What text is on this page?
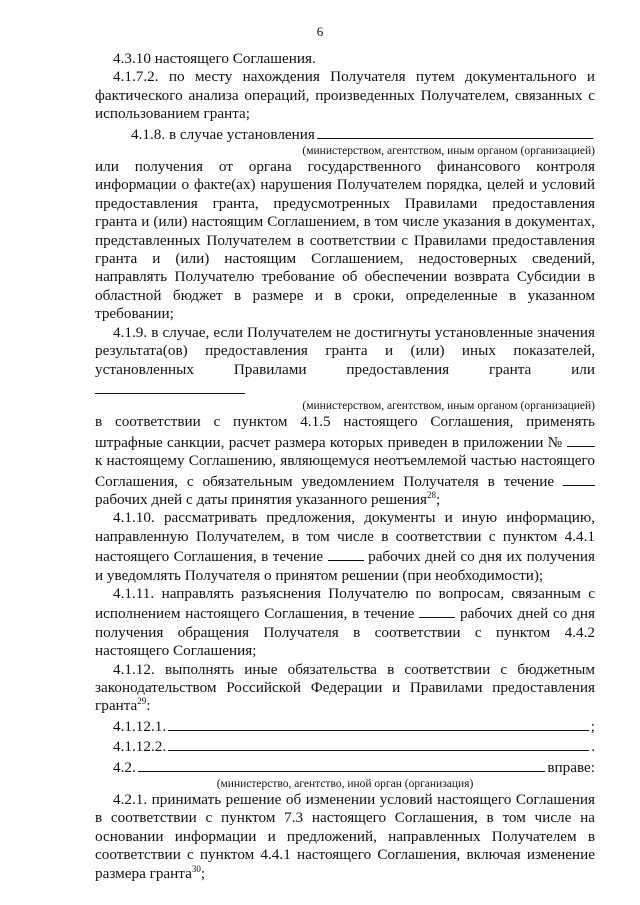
6

4.3.10 настоящего Соглашения.

4.1.7.2. по месту нахождения Получателя путем документального и фактического анализа операций, произведенных Получателем, связанных с использованием гранта;

4.1.8. в случае установления

(министерством, агентством, иным органом (организацией)

или получения от органа государственного финансового контроля информации о факте(ах) нарушения Получателем порядка, целей и условий предоставления гранта, предусмотренных Правилами предоставления гранта и (или) настоящим Соглашением, в том числе указания в документах, представленных Получателем в соответствии с Правилами предоставления гранта и (или) настоящим Соглашением, недостоверных сведений, направлять Получателю требование об обеспечении возврата Субсидии в областной бюджет в размере и в сроки, определенные в указанном требовании;

4.1.9. в случае, если Получателем не достигнуты установленные значения результата(ов) предоставления гранта и (или) иных показателей, установленных Правилами предоставления гранта или

(министерством, агентством, иным органом (организацией)

в соответствии с пунктом 4.1.5 настоящего Соглашения, применять штрафные санкции, расчет размера которых приведен в приложении №  к настоящему Соглашению, являющемуся неотъемлемой частью настоящего Соглашения, с обязательным уведомлением Получателя в течение  рабочих дней с даты принятия указанного решения$^{28}$;

4.1.10. рассматривать предложения, документы и иную информацию, направленную Получателем, в том числе в соответствии с пунктом 4.4.1 настоящего Соглашения, в течение	рабочих дней со дня их получения и уведомлять Получателя о принятом решении (при необходимости);

4.1.11. направлять разъяснения Получателю по вопросам, связанным с исполнением настоящего Соглашения, в течение	рабочих дней со дня получения обращения Получателя в соответствии с пунктом 4.4.2 настоящего Соглашения;

4.1.12. выполнять иные обязательства в соответствии с бюджетным законодательством Российской Федерации и Правилами предоставления гранта$^{29}$:

4.1.12.1.	;
4.1.12.2.	.
4.2.	вправе:

(министерство, агентство, иной орган (организация)

4.2.1. принимать решение об изменении условий настоящего Соглашения в соответствии с пунктом 7.3 настоящего Соглашения, в том числе на основании информации и предложений, направленных Получателем в соответствии с пунктом 4.4.1 настоящего Соглашения, включая изменение размера гранта$^{30}$;
